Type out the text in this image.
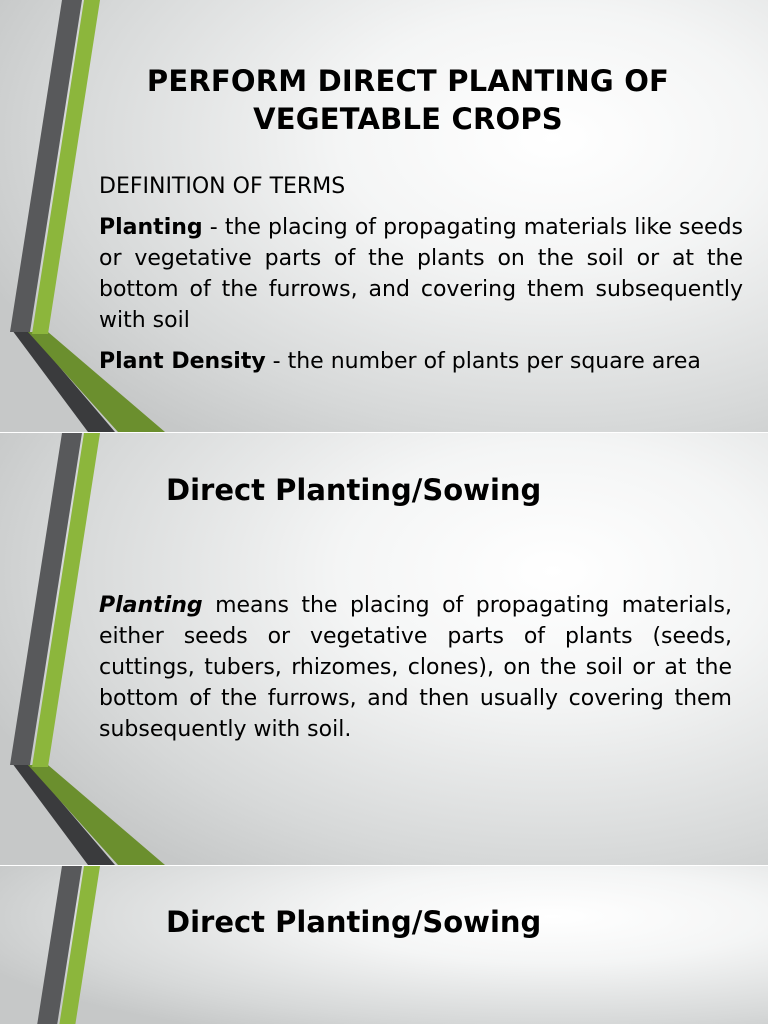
PERFORM DIRECT PLANTING OF VEGETABLE CROPS

DEFINITION OF TERMS

Planting - the placing of propagating materials like seeds or vegetative parts of the plants on the soil or at the bottom of the furrows, and covering them subsequently with soil

Plant Density - the number of plants per square area

Direct Planting/Sowing

Planting means the placing of propagating materials, either seeds or vegetative parts of plants (seeds, cuttings, tubers, rhizomes, clones), on the soil or at the bottom of the furrows, and then usually covering them subsequently with soil.

Direct Planting/Sowing
